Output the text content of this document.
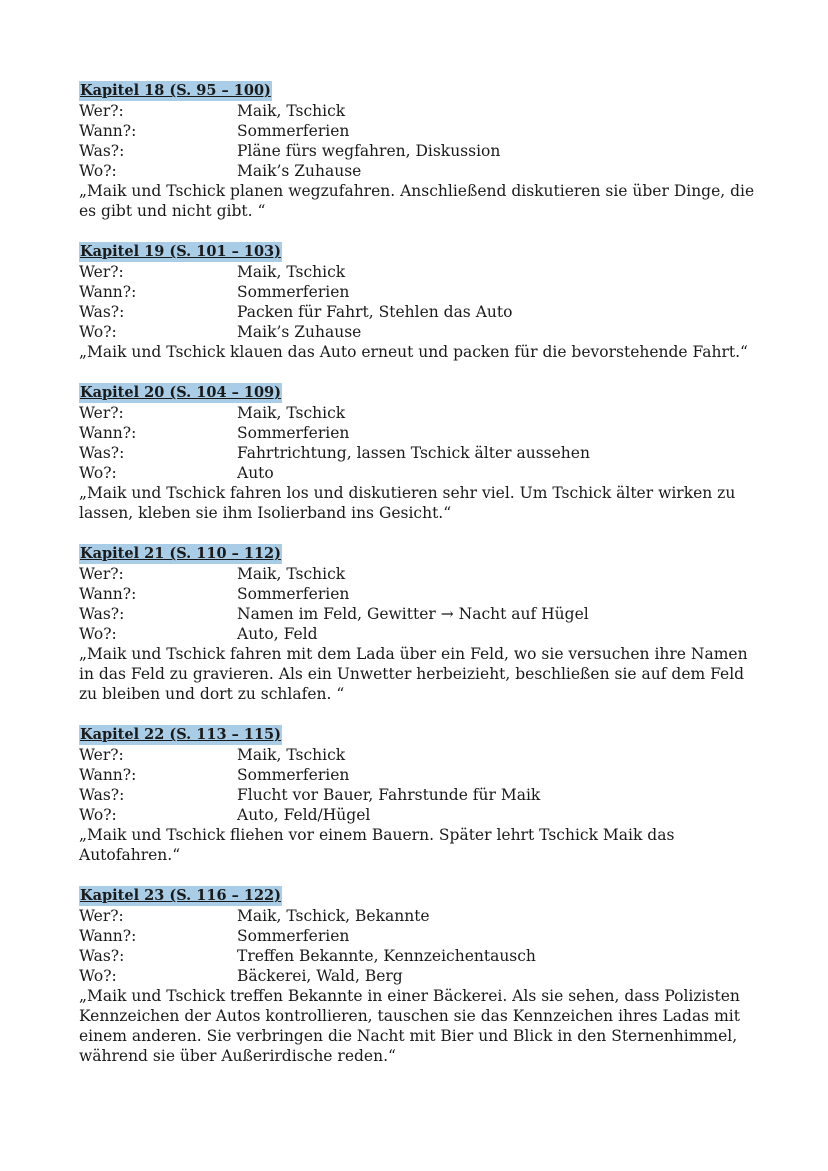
Kapitel 18 (S. 95 – 100)
Wer?:	Maik, Tschick
Wann?:	Sommerferien
Was?:	Pläne fürs wegfahren, Diskussion
Wo?:	Maik’s Zuhause

„Maik und Tschick planen wegzufahren. Anschließend diskutieren sie über Dinge, die es gibt und nicht gibt. “

Kapitel 19 (S. 101 – 103)
Wer?:	Maik, Tschick
Wann?:	Sommerferien
Was?:	Packen für Fahrt, Stehlen das Auto
Wo?:	Maik’s Zuhause

„Maik und Tschick klauen das Auto erneut und packen für die bevorstehende Fahrt.“

Kapitel 20 (S. 104 – 109)
Wer?:	Maik, Tschick
Wann?:	Sommerferien
Was?:	Fahrtrichtung, lassen Tschick älter aussehen
Wo?:	Auto

„Maik und Tschick fahren los und diskutieren sehr viel. Um Tschick älter wirken zu lassen, kleben sie ihm Isolierband ins Gesicht.“

Kapitel 21 (S. 110 – 112)
Wer?:	Maik, Tschick
Wann?:	Sommerferien
Was?:	Namen im Feld, Gewitter → Nacht auf Hügel
Wo?:	Auto, Feld

„Maik und Tschick fahren mit dem Lada über ein Feld, wo sie versuchen ihre Namen in das Feld zu gravieren. Als ein Unwetter herbeizieht, beschließen sie auf dem Feld zu bleiben und dort zu schlafen. “

Kapitel 22 (S. 113 – 115)
Wer?:	Maik, Tschick
Wann?:	Sommerferien
Was?:	Flucht vor Bauer, Fahrstunde für Maik
Wo?:	Auto, Feld/Hügel

„Maik und Tschick fliehen vor einem Bauern. Später lehrt Tschick Maik das Autofahren.“

Kapitel 23 (S. 116 – 122)
Wer?:	Maik, Tschick, Bekannte
Wann?:	Sommerferien
Was?:	Treffen Bekannte, Kennzeichentausch
Wo?:	Bäckerei, Wald, Berg

„Maik und Tschick treffen Bekannte in einer Bäckerei. Als sie sehen, dass Polizisten Kennzeichen der Autos kontrollieren, tauschen sie das Kennzeichen ihres Ladas mit einem anderen. Sie verbringen die Nacht mit Bier und Blick in den Sternenhimmel, während sie über Außerirdische reden.“
